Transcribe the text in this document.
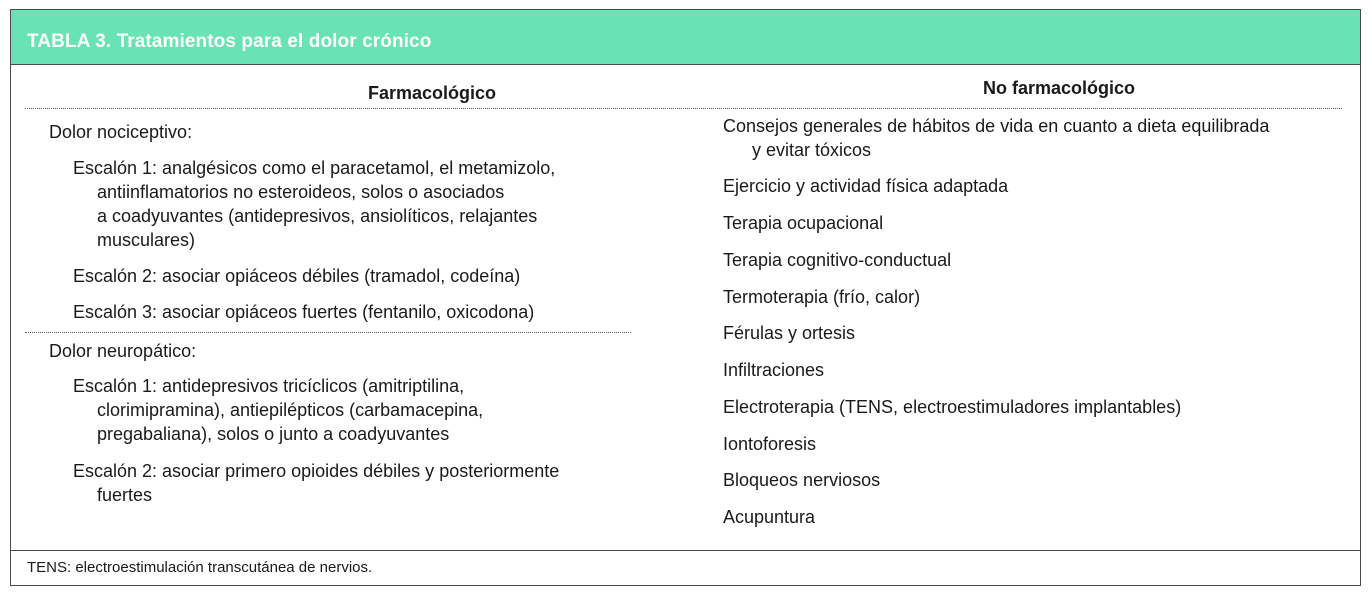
TABLA 3. Tratamientos para el dolor crónico
Farmacológico	No farmacológico
Dolor nociceptivo:
Escalón 1: analgésicos como el paracetamol, el metamizolo,
antiinflamatorios no esteroideos, solos o asociados
a coadyuvantes (antidepresivos, ansiolíticos, relajantes
musculares)
Escalón 2: asociar opiáceos débiles (tramadol, codeína)
Escalón 3: asociar opiáceos fuertes (fentanilo, oxicodona)
Dolor neuropático:
Escalón 1: antidepresivos tricíclicos (amitriptilina,
clorimipramina), antiepilépticos (carbamacepina,
pregabaliana), solos o junto a coadyuvantes
Escalón 2: asociar primero opioides débiles y posteriormente
fuertes
Consejos generales de hábitos de vida en cuanto a dieta equilibrada
y evitar tóxicos
Ejercicio y actividad física adaptada
Terapia ocupacional
Terapia cognitivo-conductual
Termoterapia (frío, calor)
Férulas y ortesis
Infiltraciones
Electroterapia (TENS, electroestimuladores implantables)
Iontoforesis
Bloqueos nerviosos
Acupuntura
TENS: electroestimulación transcutánea de nervios.
